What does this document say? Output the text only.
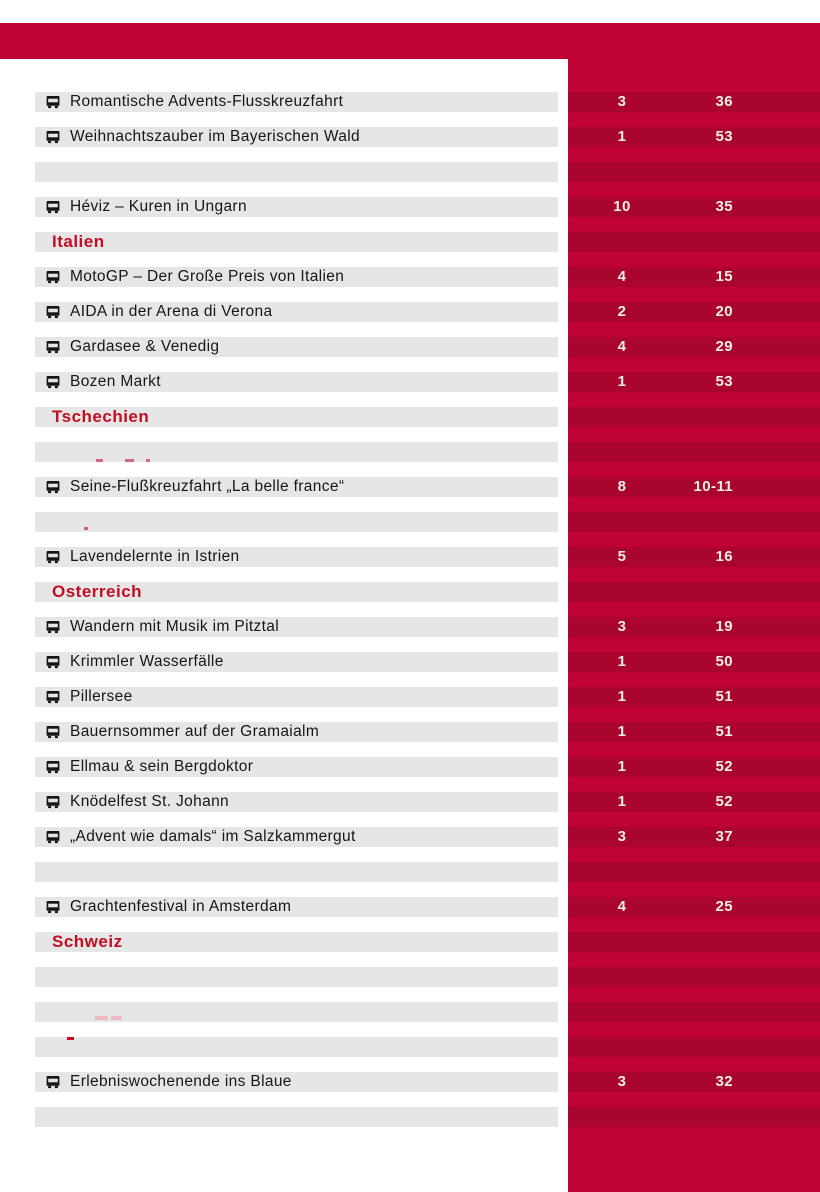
Romantische Advents-Flusskreuzfahrt	3	36
Weihnachtszauber im Bayerischen Wald	1	53
Héviz – Kuren in Ungarn	10	35
Italien
MotoGP – Der Große Preis von Italien	4	15
AIDA in der Arena di Verona	2	20
Gardasee & Venedig	4	29
Bozen Markt	1	53
Tschechien
Seine-Flußkreuzfahrt „La belle france“	8	10-11
Lavendelernte in Istrien	5	16
Osterreich
Wandern mit Musik im Pitztal	3	19
Krimmler Wasserfälle	1	50
Pillersee	1	51
Bauernsommer auf der Gramaialm	1	51
Ellmau & sein Bergdoktor	1	52
Knödelfest St. Johann	1	52
„Advent wie damals“ im Salzkammergut	3	37
Grachtenfestival in Amsterdam	4	25
Schweiz
Erlebniswochenende ins Blaue	3	32
